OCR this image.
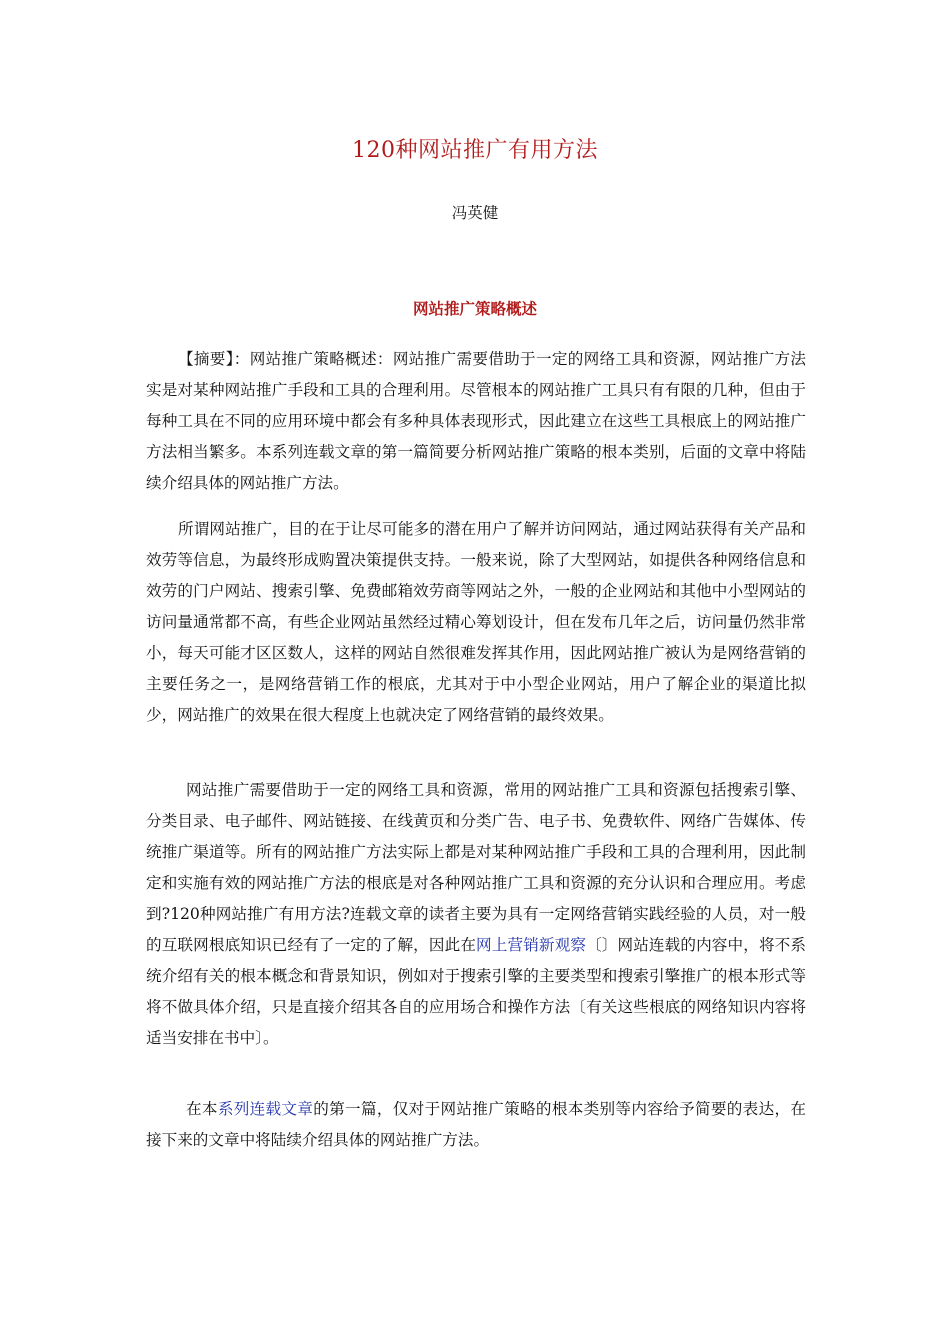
120种网站推广有用方法
冯英健
网站推广策略概述

【摘要】：网站推广策略概述：网站推广需要借助于一定的网络工具和资源，网站推广方法实是对某种网站推广手段和工具的合理利用。尽管根本的网站推广工具只有有限的几种，但由于每种工具在不同的应用环境中都会有多种具体表现形式，因此建立在这些工具根底上的网站推广方法相当繁多。本系列连载文章的第一篇简要分析网站推广策略的根本类别，后面的文章中将陆续介绍具体的网站推广方法。

所谓网站推广，目的在于让尽可能多的潜在用户了解并访问网站，通过网站获得有关产品和效劳等信息，为最终形成购置决策提供支持。一般来说，除了大型网站，如提供各种网络信息和效劳的门户网站、搜索引擎、免费邮箱效劳商等网站之外，一般的企业网站和其他中小型网站的访问量通常都不高，有些企业网站虽然经过精心筹划设计，但在发布几年之后，访问量仍然非常小，每天可能才区区数人，这样的网站自然很难发挥其作用，因此网站推广被认为是网络营销的主要任务之一，是网络营销工作的根底，尤其对于中小型企业网站，用户了解企业的渠道比拟少，网站推广的效果在很大程度上也就决定了网络营销的最终效果。

网站推广需要借助于一定的网络工具和资源，常用的网站推广工具和资源包括搜索引擎、分类目录、电子邮件、网站链接、在线黄页和分类广告、电子书、免费软件、网络广告媒体、传统推广渠道等。所有的网站推广方法实际上都是对某种网站推广手段和工具的合理利用，因此制定和实施有效的网站推广方法的根底是对各种网站推广工具和资源的充分认识和合理应用。考虑到?120种网站推广有用方法?连载文章的读者主要为具有一定网络营销实践经验的人员，对一般的互联网根底知识已经有了一定的了解，因此在网上营销新观察〔〕网站连载的内容中，将不系统介绍有关的根本概念和背景知识，例如对于搜索引擎的主要类型和搜索引擎推广的根本形式等将不做具体介绍，只是直接介绍其各自的应用场合和操作方法〔有关这些根底的网络知识内容将适当安排在书中〕。

在本系列连载文章的第一篇，仅对于网站推广策略的根本类别等内容给予简要的表达，在接下来的文章中将陆续介绍具体的网站推广方法。
